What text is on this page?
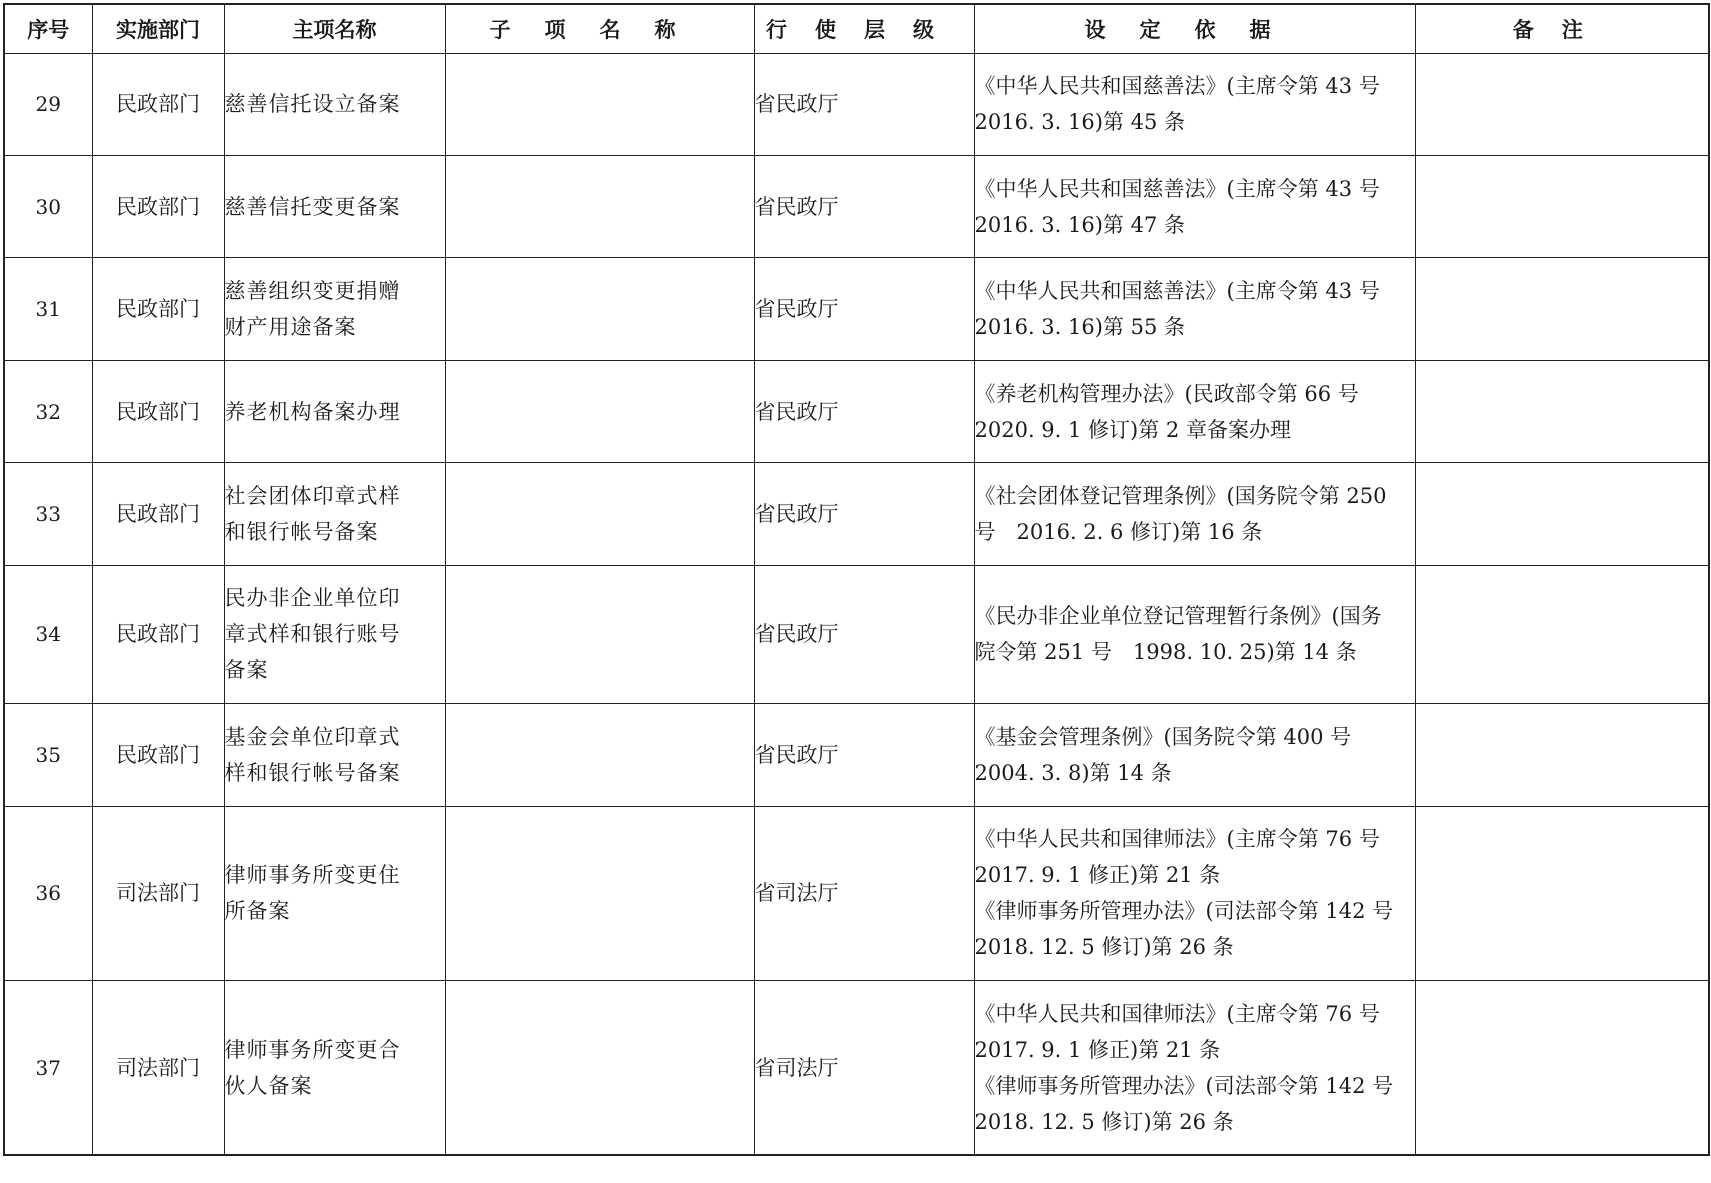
序号	实施部门	主项名称	子项名称	行使层级	设定依据	备注
29	民政部门	慈善信托设立备案		省民政厅	《中华人民共和国慈善法》(主席令第 43 号
2016. 3. 16)第 45 条	

30	民政部门	慈善信托变更备案		省民政厅	《中华人民共和国慈善法》(主席令第 43 号
2016. 3. 16)第 47 条	

31	民政部门	慈善组织变更捐赠
财产用途备案		省民政厅	《中华人民共和国慈善法》(主席令第 43 号
2016. 3. 16)第 55 条	

32	民政部门	养老机构备案办理		省民政厅	《养老机构管理办法》(民政部令第 66 号
2020. 9. 1 修订)第 2 章备案办理	

33	民政部门	社会团体印章式样
和银行帐号备案		省民政厅	《社会团体登记管理条例》(国务院令第 250
号　2016. 2. 6 修订)第 16 条	

34	民政部门	民办非企业单位印
章式样和银行账号
备案		省民政厅	《民办非企业单位登记管理暂行条例》(国务
院令第 251 号　1998. 10. 25)第 14 条	

35	民政部门	基金会单位印章式
样和银行帐号备案		省民政厅	《基金会管理条例》(国务院令第 400 号
2004. 3. 8)第 14 条	

36	司法部门	律师事务所变更住
所备案		省司法厅	《中华人民共和国律师法》(主席令第 76 号
2017. 9. 1 修正)第 21 条
《律师事务所管理办法》(司法部令第 142 号
2018. 12. 5 修订)第 26 条	

37	司法部门	律师事务所变更合
伙人备案		省司法厅	《中华人民共和国律师法》(主席令第 76 号
2017. 9. 1 修正)第 21 条
《律师事务所管理办法》(司法部令第 142 号
2018. 12. 5 修订)第 26 条	
